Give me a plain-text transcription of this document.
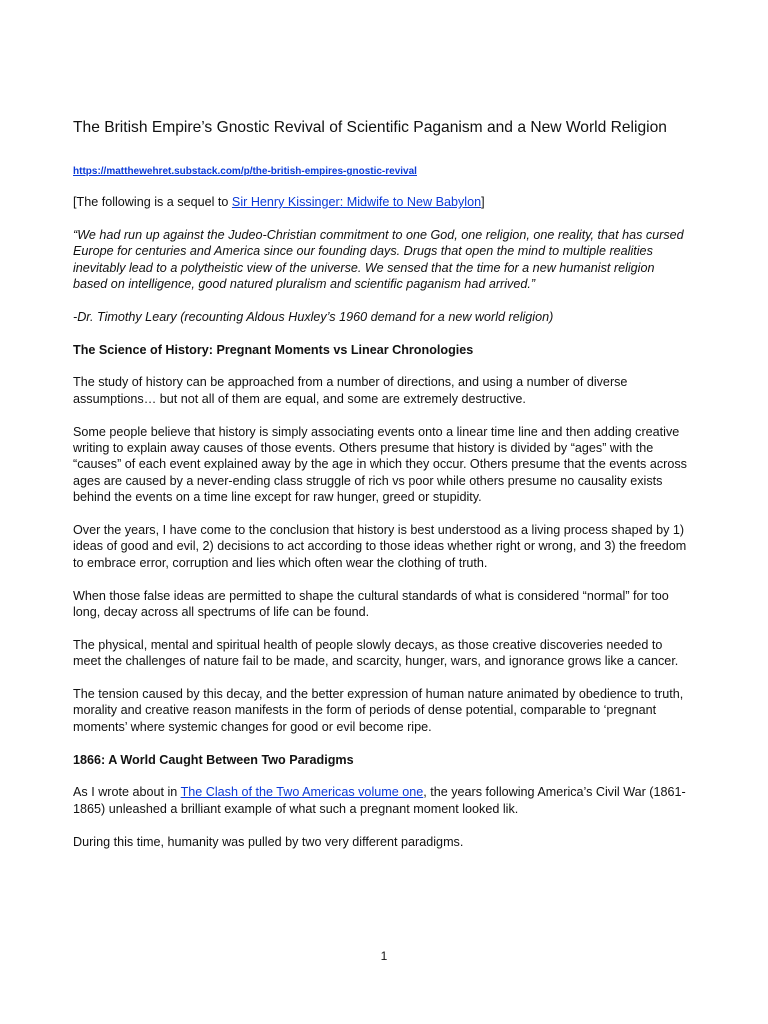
The British Empire’s Gnostic Revival of Scientific Paganism and a New World Religion
https://matthewehret.substack.com/p/the-british-empires-gnostic-revival

[The following is a sequel to Sir Henry Kissinger: Midwife to New Babylon]

“We had run up against the Judeo-Christian commitment to one God, one religion, one reality, that has cursed Europe for centuries and America since our founding days. Drugs that open the mind to multiple realities inevitably lead to a polytheistic view of the universe. We sensed that the time for a new humanist religion based on intelligence, good natured pluralism and scientific paganism had arrived.”

-Dr. Timothy Leary (recounting Aldous Huxley’s 1960 demand for a new world religion)

The Science of History: Pregnant Moments vs Linear Chronologies

The study of history can be approached from a number of directions, and using a number of diverse assumptions… but not all of them are equal, and some are extremely destructive.

Some people believe that history is simply associating events onto a linear time line and then adding creative writing to explain away causes of those events. Others presume that history is divided by “ages” with the “causes” of each event explained away by the age in which they occur. Others presume that the events across ages are caused by a never-ending class struggle of rich vs poor while others presume no causality exists behind the events on a time line except for raw hunger, greed or stupidity.

Over the years, I have come to the conclusion that history is best understood as a living process shaped by 1) ideas of good and evil, 2) decisions to act according to those ideas whether right or wrong, and 3) the freedom to embrace error, corruption and lies which often wear the clothing of truth.

When those false ideas are permitted to shape the cultural standards of what is considered “normal” for too long, decay across all spectrums of life can be found.

The physical, mental and spiritual health of people slowly decays, as those creative discoveries needed to meet the challenges of nature fail to be made, and scarcity, hunger, wars, and ignorance grows like a cancer.

The tension caused by this decay, and the better expression of human nature animated by obedience to truth, morality and creative reason manifests in the form of periods of dense potential, comparable to ‘pregnant moments’ where systemic changes for good or evil become ripe.

1866: A World Caught Between Two Paradigms

As I wrote about in The Clash of the Two Americas volume one, the years following America’s Civil War (1861-1865) unleashed a brilliant example of what such a pregnant moment looked lik.

During this time, humanity was pulled by two very different paradigms.

1
